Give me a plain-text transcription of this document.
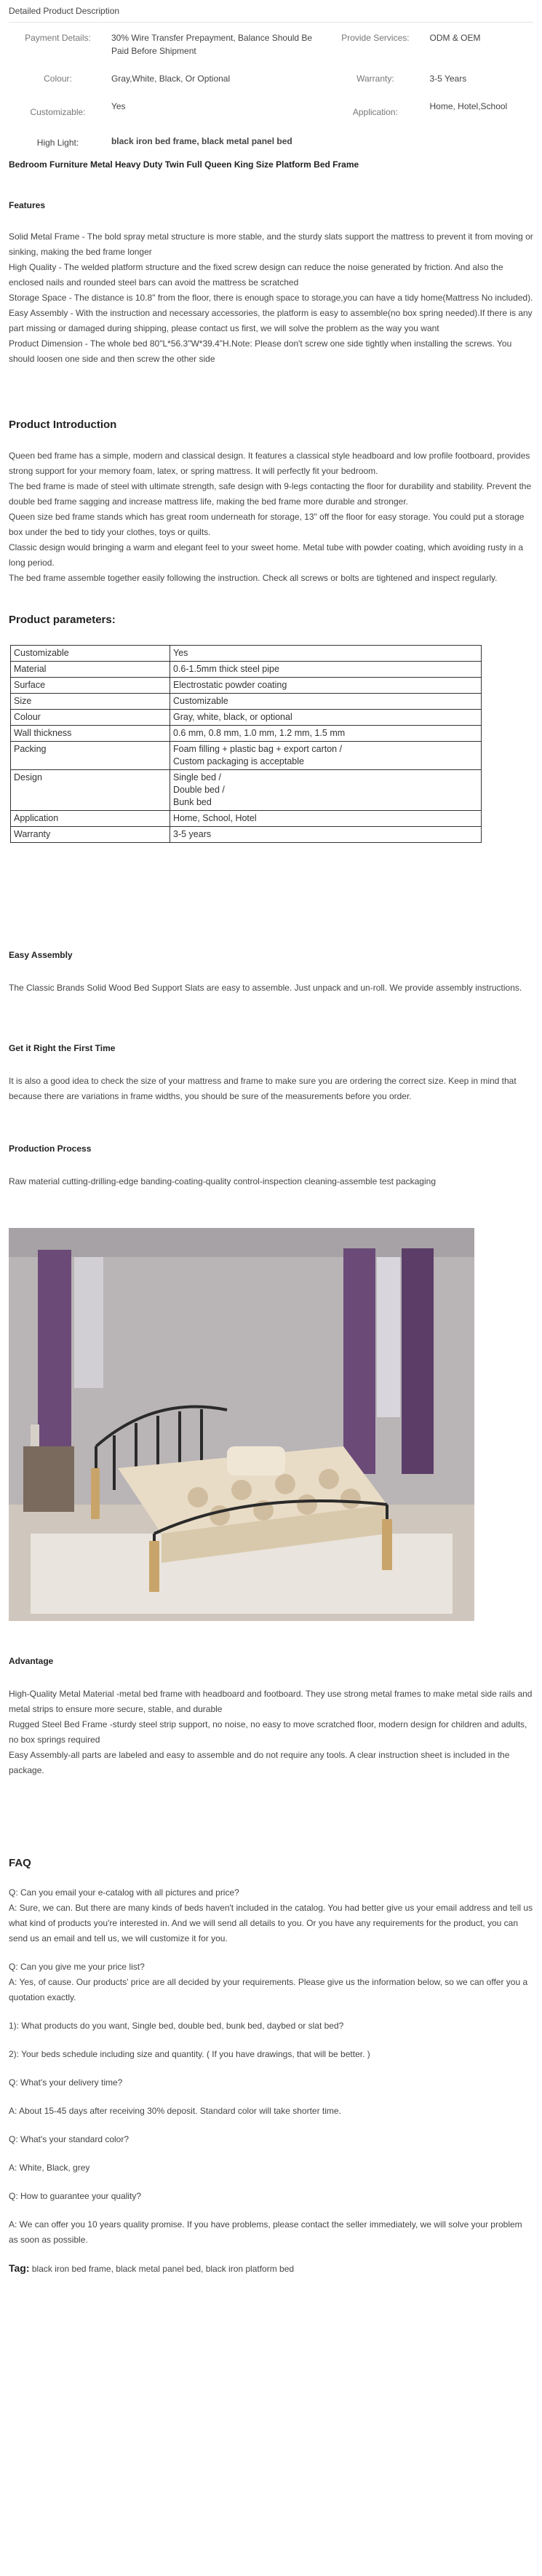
Detailed Product Description
Payment Details:	30% Wire Transfer Prepayment, Balance Should Be Paid Before Shipment	Provide Services:	ODM & OEM
Colour:	Gray,White, Black, Or Optional	Warranty:	3-5 Years
Customizable:	Yes	Application:	Home, Hotel,School
High Light:	black iron bed frame, black metal panel bed		
Bedroom Furniture Metal Heavy Duty Twin Full Queen King Size Platform Bed Frame
Features

Solid Metal Frame - The bold spray metal structure is more stable, and the sturdy slats support the mattress to prevent it from moving or sinking, making the bed frame longer

High Quality - The welded platform structure and the fixed screw design can reduce the noise generated by friction. And also the enclosed nails and rounded steel bars can avoid the mattress be scratched

Storage Space - The distance is 10.8" from the floor, there is enough space to storage,you can have a tidy home(Mattress No included).

Easy Assembly - With the instruction and necessary accessories, the platform is easy to assemble(no box spring needed).If there is any part missing or damaged during shipping, please contact us first, we will solve the problem as the way you want

Product Dimension - The whole bed 80"L*56.3"W*39.4"H.Note: Please don't screw one side tightly when installing the screws. You should loosen one side and then screw the other side

Product Introduction

Queen bed frame has a simple, modern and classical design. It features a classical style headboard and low profile footboard, provides strong support for your memory foam, latex, or spring mattress. It will perfectly fit your bedroom.

The bed frame is made of steel with ultimate strength, safe design with 9-legs contacting the floor for durability and stability. Prevent the double bed frame sagging and increase mattress life, making the bed frame more durable and stronger.

Queen size bed frame stands which has great room underneath for storage, 13" off the floor for easy storage. You could put a storage box under the bed to tidy your clothes, toys or quilts.

Classic design would bringing a warm and elegant feel to your sweet home. Metal tube with powder coating, which avoiding rusty in a long period.

The bed frame assemble together easily following the instruction. Check all screws or bolts are tightened and inspect regularly.

Product parameters:
Customizable	Yes
Material	0.6-1.5mm thick steel pipe
Surface	Electrostatic powder coating
Size	Customizable
Colour	Gray, white, black, or optional
Wall thickness	0.6 mm, 0.8 mm, 1.0 mm, 1.2 mm, 1.5 mm
Packing	Foam filling + plastic bag + export carton /
Custom packaging is acceptable

Design	Single bed /
Double bed /
Bunk bed

Application	Home, School, Hotel
Warranty	3-5 years
Easy Assembly

The Classic Brands Solid Wood Bed Support Slats are easy to assemble. Just unpack and un-roll. We provide assembly instructions.

Get it Right the First Time

It is also a good idea to check the size of your mattress and frame to make sure you are ordering the correct size. Keep in mind that because there are variations in frame widths, you should be sure of the measurements before you order.

Production Process

Raw material cutting-drilling-edge banding-coating-quality control-inspection cleaning-assemble test packaging

Advantage

High-Quality Metal Material -metal bed frame with headboard and footboard. They use strong metal frames to make metal side rails and metal strips to ensure more secure, stable, and durable

Rugged Steel Bed Frame -sturdy steel strip support, no noise, no easy to move scratched floor, modern design for children and adults, no box springs required

Easy Assembly-all parts are labeled and easy to assemble and do not require any tools. A clear instruction sheet is included in the package.

FAQ

Q: Can you email your e-catalog with all pictures and price?

A: Sure, we can. But there are many kinds of beds haven't included in the catalog. You had better give us your email address and tell us what kind of products you're interested in. And we will send all details to you. Or you have any requirements for the product, you can send us an email and tell us, we will customize it for you.

Q: Can you give me your price list?

A: Yes, of cause. Our products' price are all decided by your requirements. Please give us the information below, so we can offer you a quotation exactly.

1): What products do you want, Single bed, double bed, bunk bed, daybed or slat bed?

2): Your beds schedule including size and quantity. ( If you have drawings, that will be better. )

Q: What's your delivery time?

A: About 15-45 days after receiving 30% deposit. Standard color will take shorter time.

Q: What's your standard color?

A: White, Black, grey

Q: How to guarantee your quality?

A: We can offer you 10 years quality promise. If you have problems, please contact the seller immediately, we will solve your problem as soon as possible.

Tag: black iron bed frame, black metal panel bed, black iron platform bed
